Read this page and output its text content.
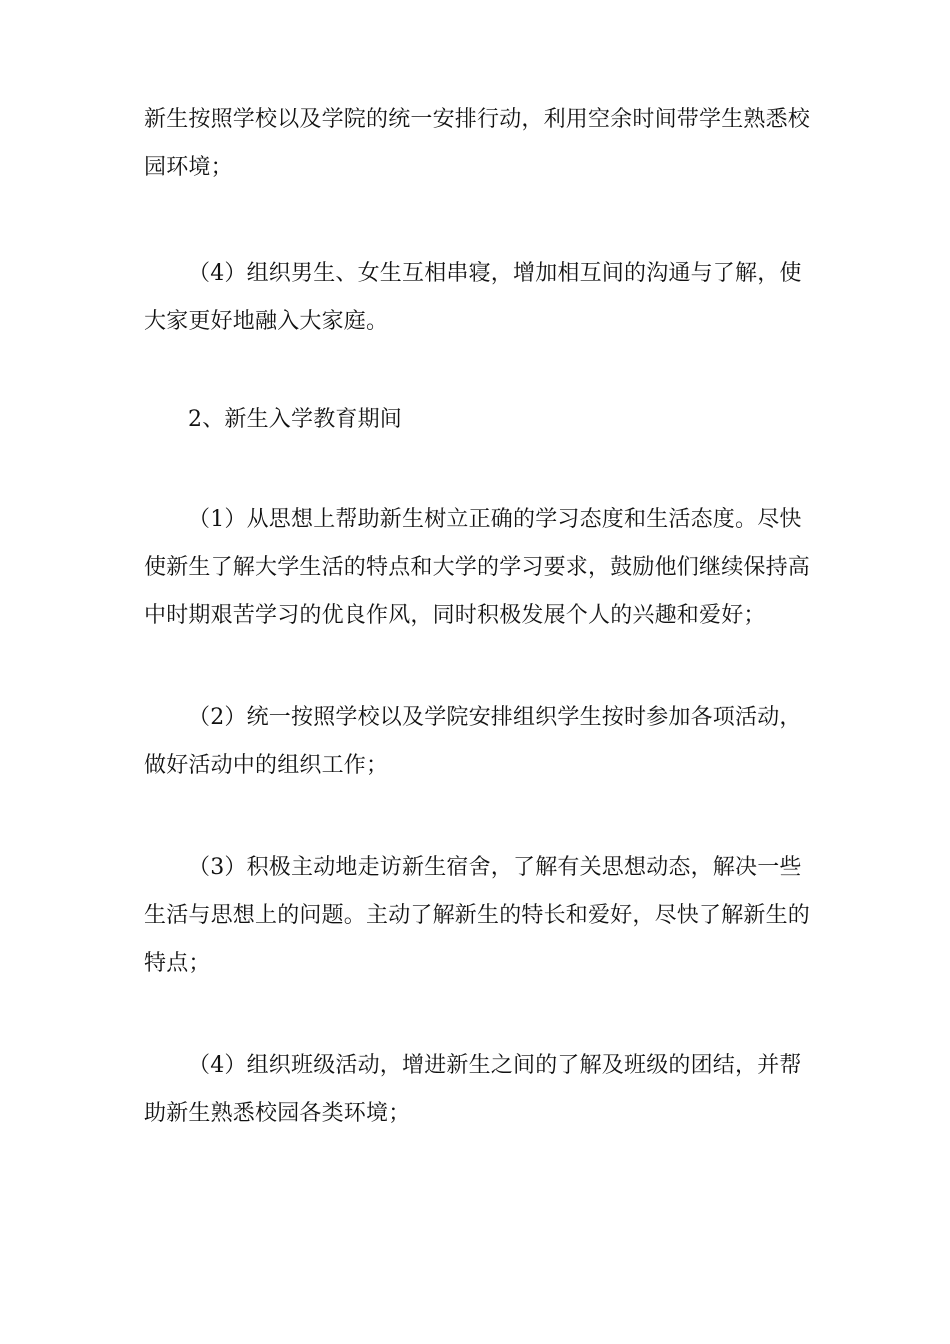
新生按照学校以及学院的统一安排行动，利用空余时间带学生熟悉校
园环境；
（4）组织男生、女生互相串寝，增加相互间的沟通与了解，使
大家更好地融入大家庭。
2、新生入学教育期间
（1）从思想上帮助新生树立正确的学习态度和生活态度。尽快
使新生了解大学生活的特点和大学的学习要求，鼓励他们继续保持高
中时期艰苦学习的优良作风，同时积极发展个人的兴趣和爱好；
（2）统一按照学校以及学院安排组织学生按时参加各项活动，
做好活动中的组织工作；
（3）积极主动地走访新生宿舍，了解有关思想动态，解决一些
生活与思想上的问题。主动了解新生的特长和爱好，尽快了解新生的
特点；
（4）组织班级活动，增进新生之间的了解及班级的团结，并帮
助新生熟悉校园各类环境；
